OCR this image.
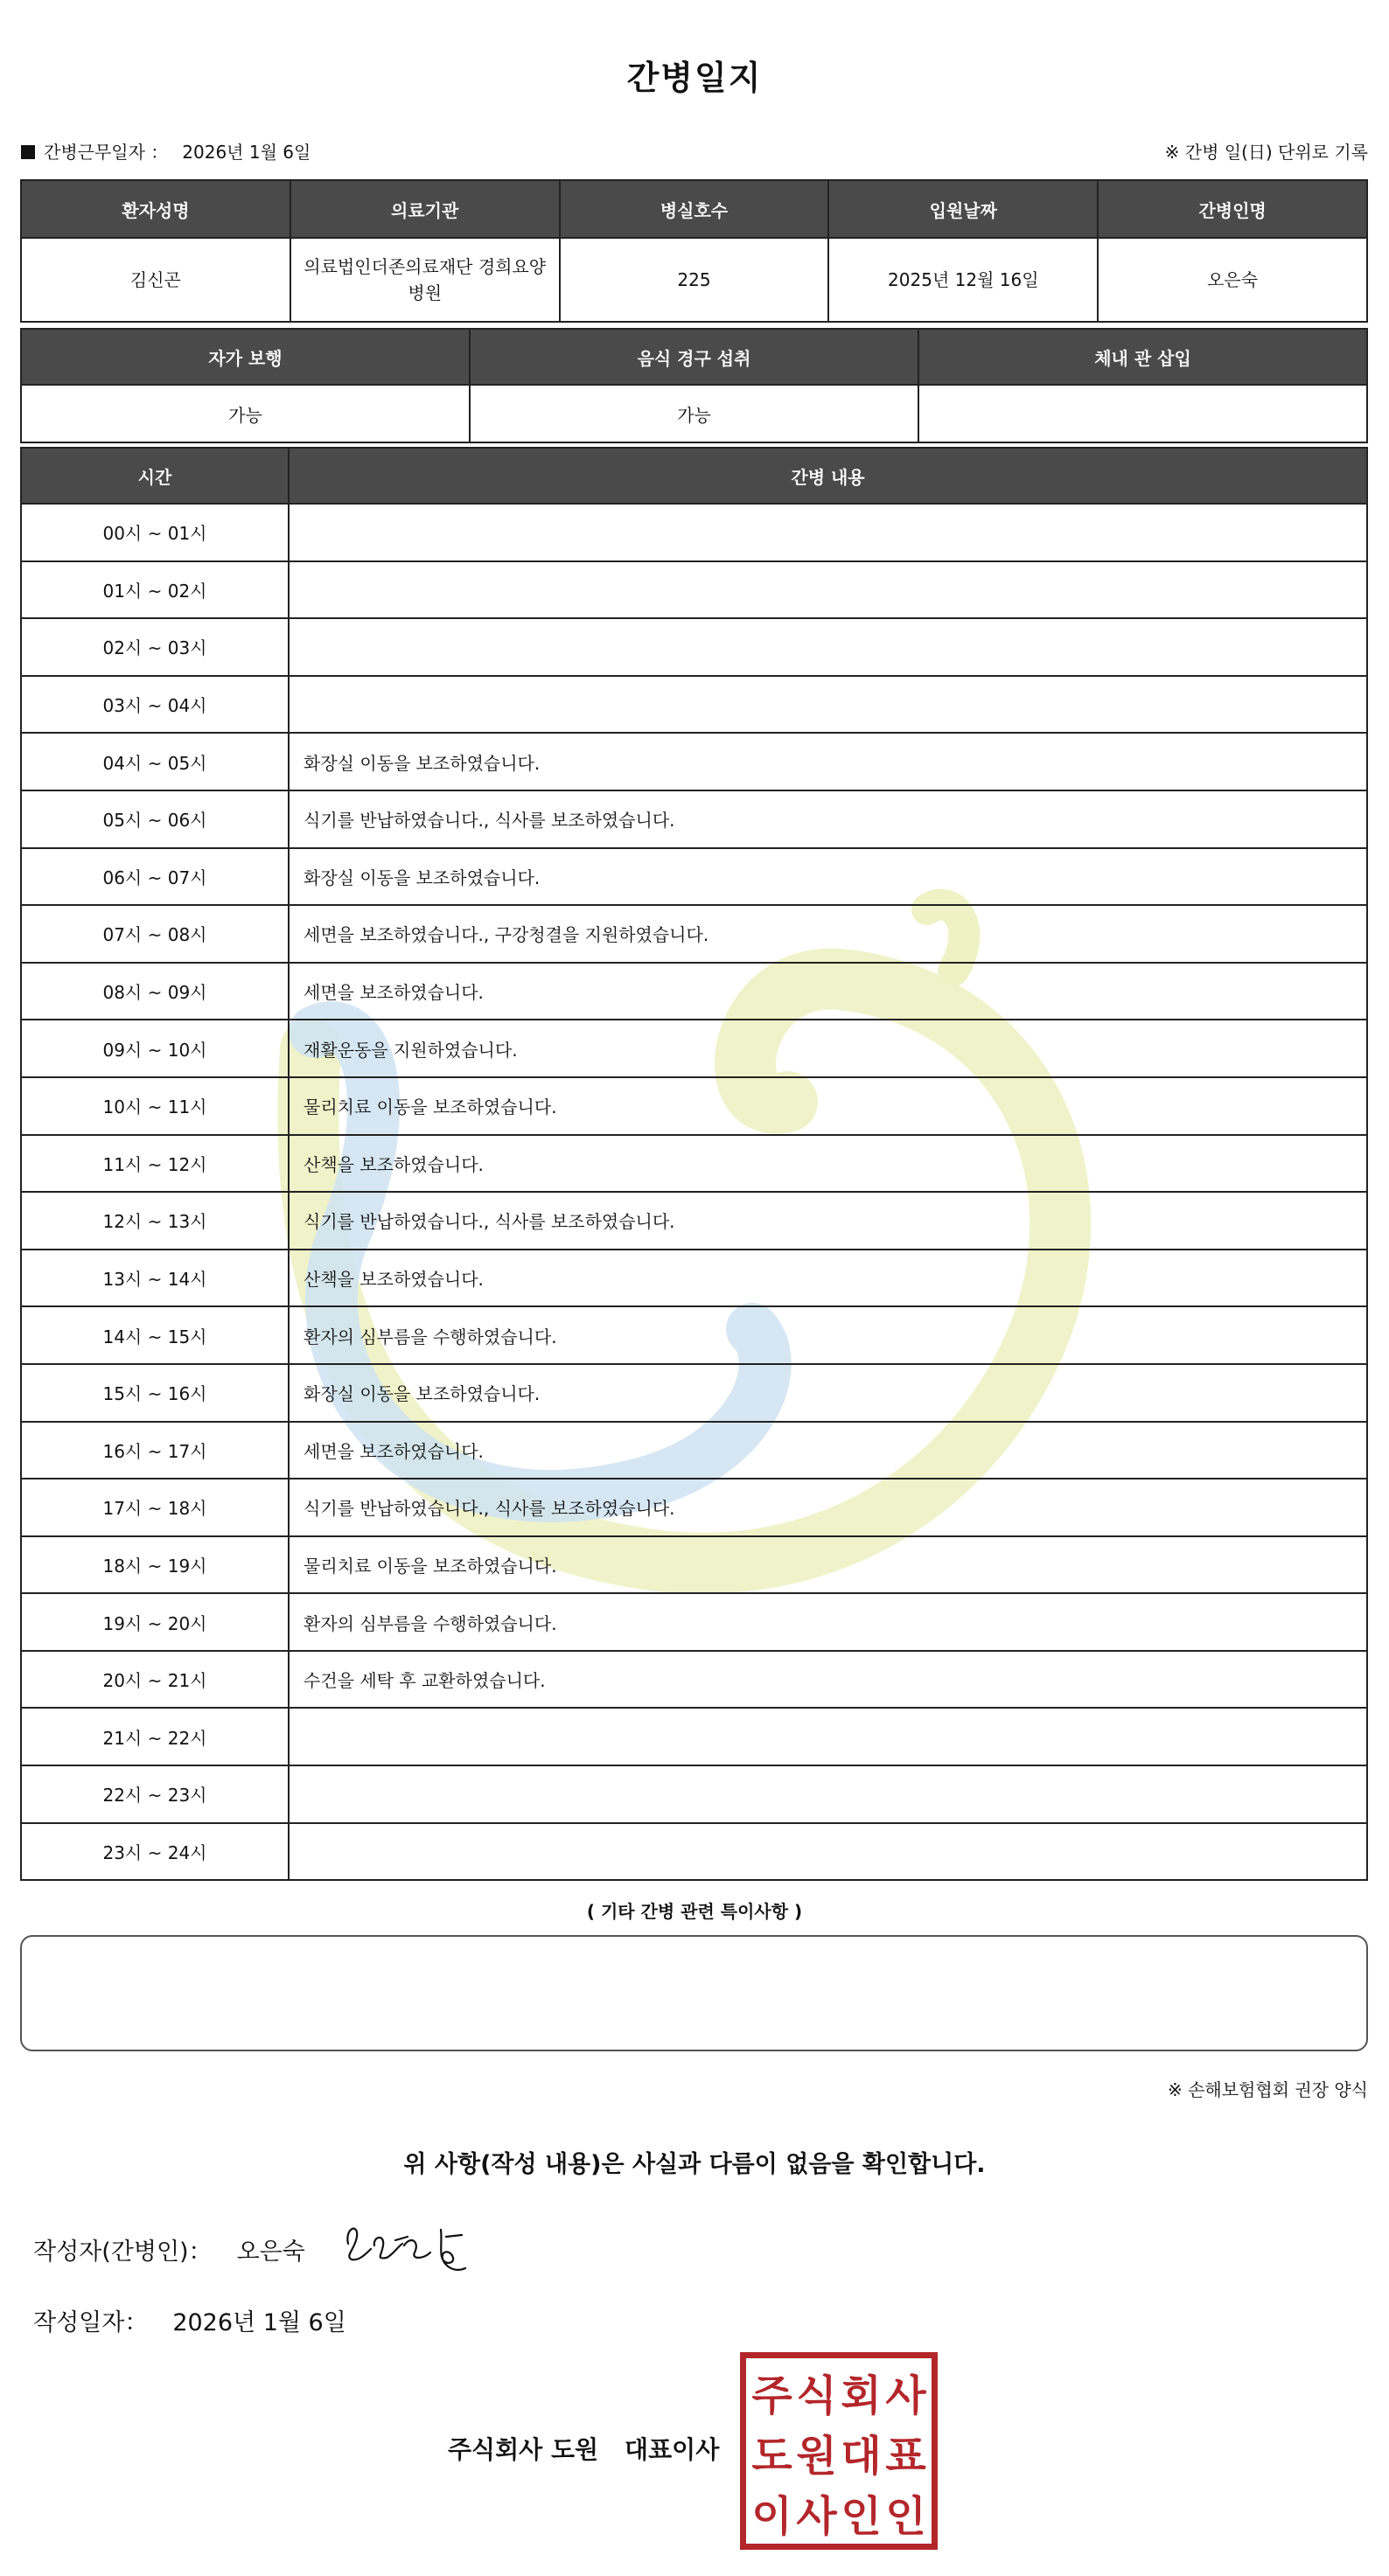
간병일지
간병근무일자 ： 2026년 1월 6일	※ 간병 일(日) 단위로 기록
환자성명	의료기관	병실호수	입원날짜	간병인명
김신곤	의료법인더존의료재단 경희요양병원	225	2025년 12월 16일	오은숙
자가 보행	음식 경구 섭취	체내 관 삽입
가능	가능	
시간	간병 내용
00시 ~ 01시	
01시 ~ 02시	
02시 ~ 03시	
03시 ~ 04시	
04시 ~ 05시	화장실 이동을 보조하였습니다.
05시 ~ 06시	식기를 반납하였습니다., 식사를 보조하였습니다.
06시 ~ 07시	화장실 이동을 보조하였습니다.
07시 ~ 08시	세면을 보조하였습니다., 구강청결을 지원하였습니다.
08시 ~ 09시	세면을 보조하였습니다.
09시 ~ 10시	재활운동을 지원하였습니다.
10시 ~ 11시	물리치료 이동을 보조하였습니다.
11시 ~ 12시	산책을 보조하였습니다.
12시 ~ 13시	식기를 반납하였습니다., 식사를 보조하였습니다.
13시 ~ 14시	산책을 보조하였습니다.
14시 ~ 15시	환자의 심부름을 수행하였습니다.
15시 ~ 16시	화장실 이동을 보조하였습니다.
16시 ~ 17시	세면을 보조하였습니다.
17시 ~ 18시	식기를 반납하였습니다., 식사를 보조하였습니다.
18시 ~ 19시	물리치료 이동을 보조하였습니다.
19시 ~ 20시	환자의 심부름을 수행하였습니다.
20시 ~ 21시	수건을 세탁 후 교환하였습니다.
21시 ~ 22시	
22시 ~ 23시	
23시 ~ 24시	
( 기타 간병 관련 특이사항 )
※ 손해보험협회 권장 양식
위 사항(작성 내용)은 사실과 다름이 없음을 확인합니다.
작성자(간병인)： 오은숙
작성일자： 2026년 1월 6일
주식회사 도원 대표이사
주 식 회 사
도 원 대 표
이 사 인 인
